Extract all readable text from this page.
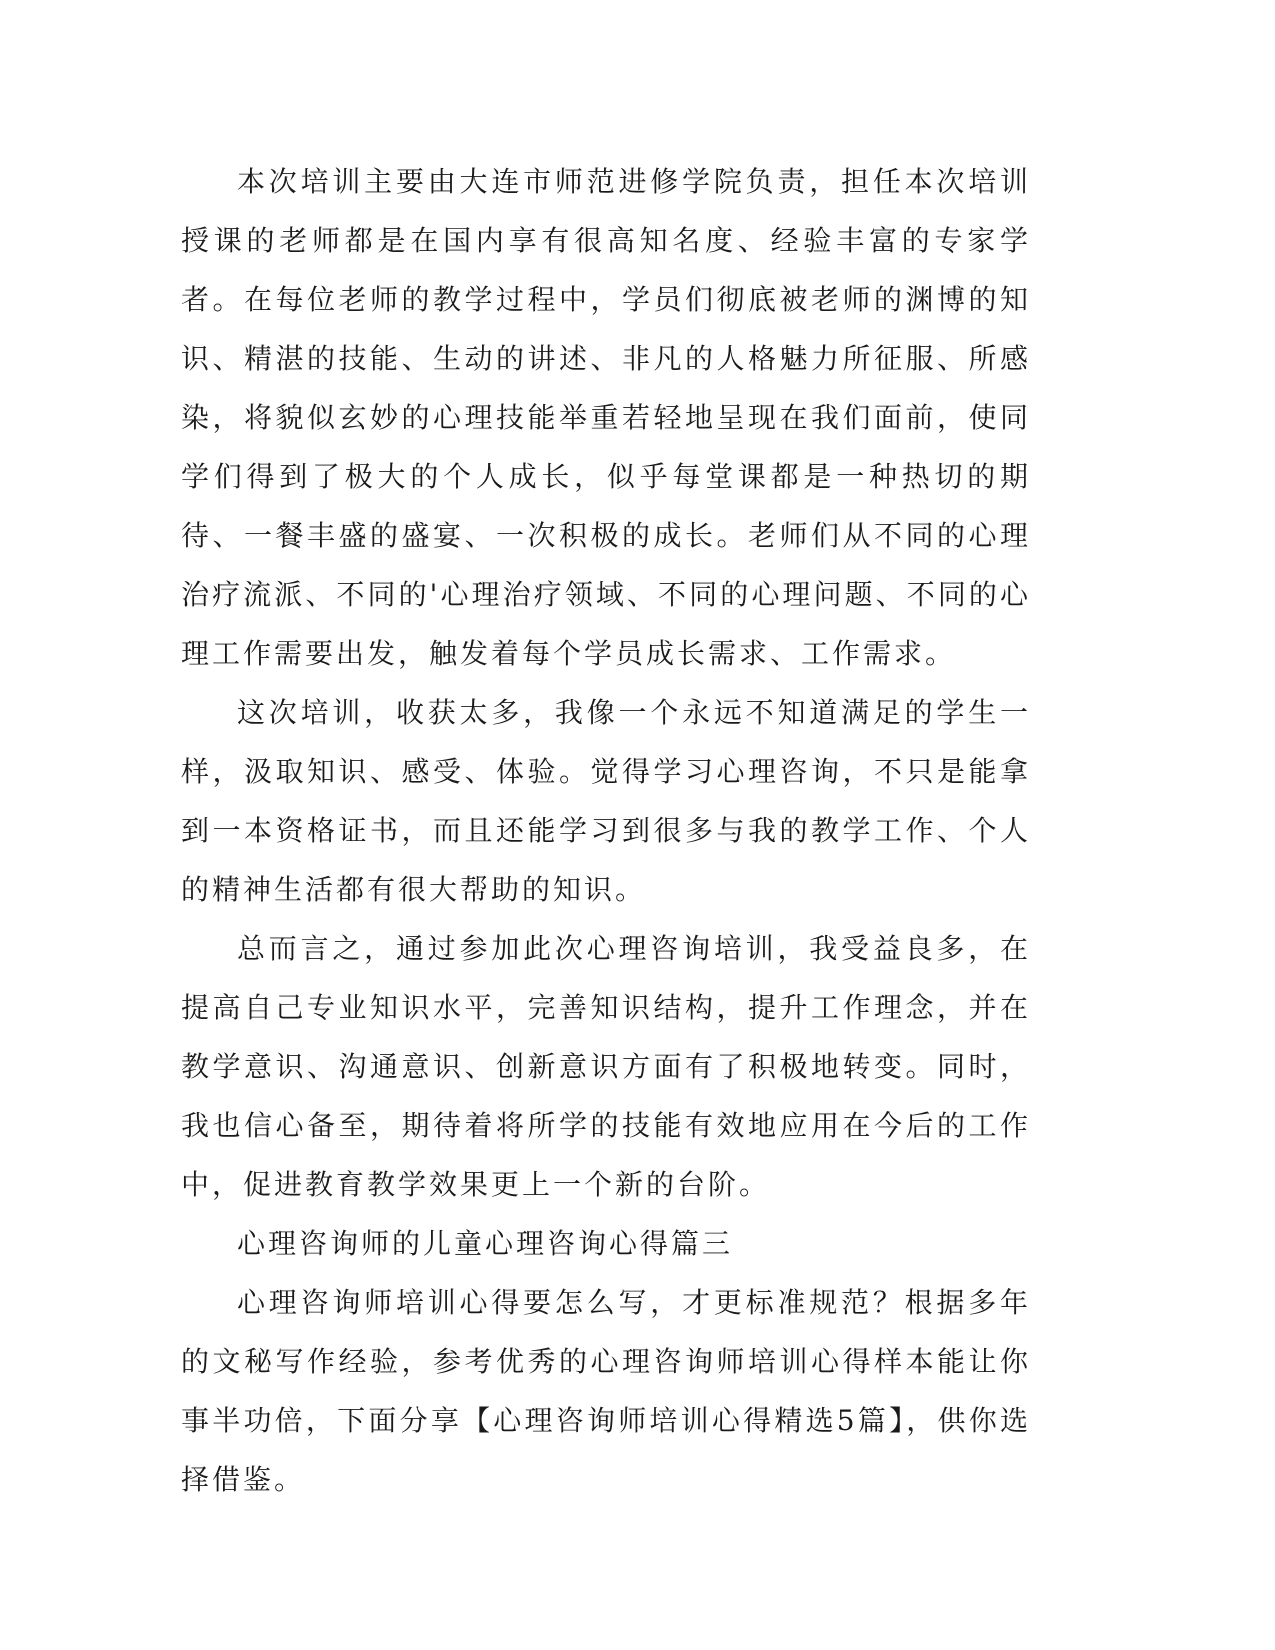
本次培训主要由大连市师范进修学院负责，担任本次培训授课的老师都是在国内享有很高知名度、经验丰富的专家学者。在每位老师的教学过程中，学员们彻底被老师的渊博的知识、精湛的技能、生动的讲述、非凡的人格魅力所征服、所感染，将貌似玄妙的心理技能举重若轻地呈现在我们面前，使同学们得到了极大的个人成长，似乎每堂课都是一种热切的期待、一餐丰盛的盛宴、一次积极的成长。老师们从不同的心理治疗流派、不同的'心理治疗领域、不同的心理问题、不同的心理工作需要出发，触发着每个学员成长需求、工作需求。

这次培训，收获太多，我像一个永远不知道满足的学生一样，汲取知识、感受、体验。觉得学习心理咨询，不只是能拿到一本资格证书，而且还能学习到很多与我的教学工作、个人的精神生活都有很大帮助的知识。

总而言之，通过参加此次心理咨询培训，我受益良多，在提高自己专业知识水平，完善知识结构，提升工作理念，并在教学意识、沟通意识、创新意识方面有了积极地转变。同时，我也信心备至，期待着将所学的技能有效地应用在今后的工作中，促进教育教学效果更上一个新的台阶。

心理咨询师的儿童心理咨询心得篇三

心理咨询师培训心得要怎么写，才更标准规范？根据多年的文秘写作经验，参考优秀的心理咨询师培训心得样本能让你事半功倍，下面分享【心理咨询师培训心得精选5篇】，供你选择借鉴。
